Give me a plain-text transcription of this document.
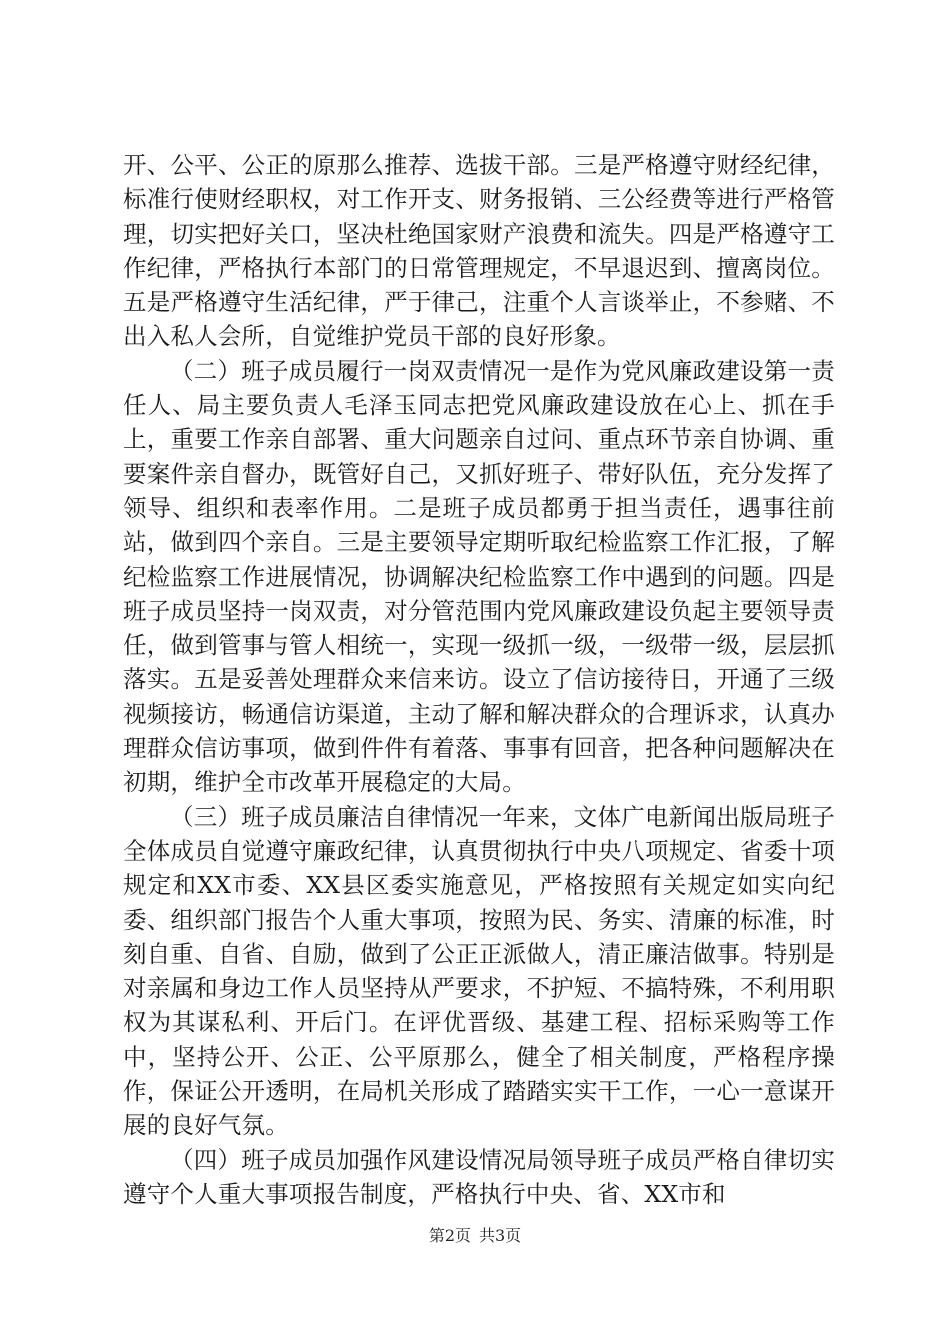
开、公平、公正的原那么推荐、选拔干部。三是严格遵守财经纪律，标准行使财经职权，对工作开支、财务报销、三公经费等进行严格管理，切实把好关口，坚决杜绝国家财产浪费和流失。四是严格遵守工作纪律，严格执行本部门的日常管理规定，不早退迟到、擅离岗位。五是严格遵守生活纪律，严于律己，注重个人言谈举止，不参赌、不出入私人会所，自觉维护党员干部的良好形象。

（二）班子成员履行一岗双责情况一是作为党风廉政建设第一责任人、局主要负责人毛泽玉同志把党风廉政建设放在心上、抓在手上，重要工作亲自部署、重大问题亲自过问、重点环节亲自协调、重要案件亲自督办，既管好自己，又抓好班子、带好队伍，充分发挥了领导、组织和表率作用。二是班子成员都勇于担当责任，遇事往前站，做到四个亲自。三是主要领导定期听取纪检监察工作汇报，了解纪检监察工作进展情况，协调解决纪检监察工作中遇到的问题。四是班子成员坚持一岗双责，对分管范围内党风廉政建设负起主要领导责任，做到管事与管人相统一，实现一级抓一级，一级带一级，层层抓落实。五是妥善处理群众来信来访。设立了信访接待日，开通了三级视频接访，畅通信访渠道，主动了解和解决群众的合理诉求，认真办理群众信访事项，做到件件有着落、事事有回音，把各种问题解决在初期，维护全市改革开展稳定的大局。

（三）班子成员廉洁自律情况一年来，文体广电新闻出版局班子全体成员自觉遵守廉政纪律，认真贯彻执行中央八项规定、省委十项规定和XX市委、XX县区委实施意见，严格按照有关规定如实向纪委、组织部门报告个人重大事项，按照为民、务实、清廉的标准，时刻自重、自省、自励，做到了公正正派做人，清正廉洁做事。特别是对亲属和身边工作人员坚持从严要求，不护短、不搞特殊，不利用职权为其谋私利、开后门。在评优晋级、基建工程、招标采购等工作中，坚持公开、公正、公平原那么，健全了相关制度，严格程序操作，保证公开透明，在局机关形成了踏踏实实干工作，一心一意谋开展的良好气氛。

（四）班子成员加强作风建设情况局领导班子成员严格自律切实遵守个人重大事项报告制度，严格执行中央、省、XX市和

第2页 共3页
